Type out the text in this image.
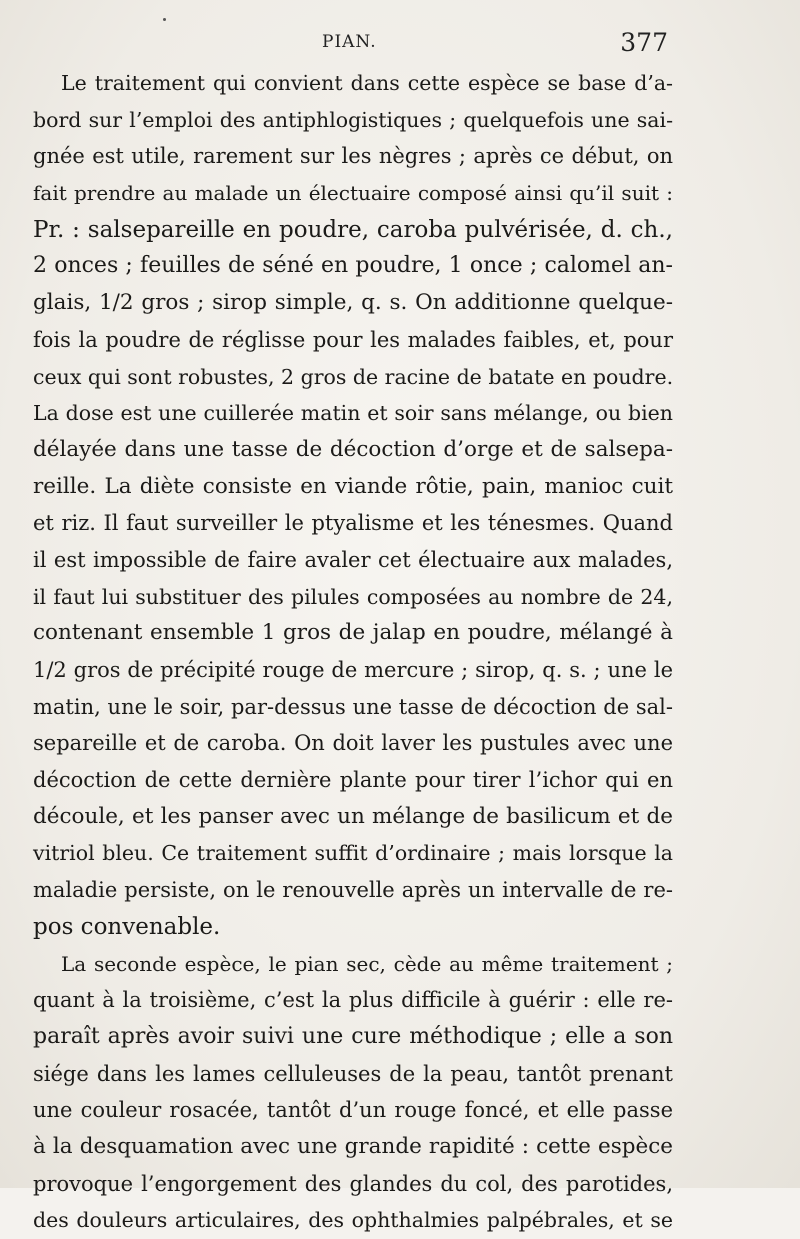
PIAN.	377
Le traitement qui convient dans cette espèce se base d’a-
bord sur l’emploi des antiphlogistiques ; quelquefois une sai-
gnée est utile, rarement sur les nègres ; après ce début, on
fait prendre au malade un électuaire composé ainsi qu’il suit :
Pr. : salsepareille en poudre, caroba pulvérisée, d. ch.,
2 onces ; feuilles de séné en poudre, 1 once ; calomel an-
glais, 1/2 gros ; sirop simple, q. s. On additionne quelque-
fois la poudre de réglisse pour les malades faibles, et, pour
ceux qui sont robustes, 2 gros de racine de batate en poudre.
La dose est une cuillerée matin et soir sans mélange, ou bien
délayée dans une tasse de décoction d’orge et de salsepa-
reille. La diète consiste en viande rôtie, pain, manioc cuit
et riz. Il faut surveiller le ptyalisme et les ténesmes. Quand
il est impossible de faire avaler cet électuaire aux malades,
il faut lui substituer des pilules composées au nombre de 24,
contenant ensemble 1 gros de jalap en poudre, mélangé à
1/2 gros de précipité rouge de mercure ; sirop, q. s. ; une le
matin, une le soir, par-dessus une tasse de décoction de sal-
separeille et de caroba. On doit laver les pustules avec une
décoction de cette dernière plante pour tirer l’ichor qui en
découle, et les panser avec un mélange de basilicum et de
vitriol bleu. Ce traitement suffit d’ordinaire ; mais lorsque la
maladie persiste, on le renouvelle après un intervalle de re-
pos convenable.
La seconde espèce, le pian sec, cède au même traitement ;
quant à la troisième, c’est la plus difficile à guérir : elle re-
paraît après avoir suivi une cure méthodique ; elle a son
siége dans les lames celluleuses de la peau, tantôt prenant
une couleur rosacée, tantôt d’un rouge foncé, et elle passe
à la desquamation avec une grande rapidité : cette espèce
provoque l’engorgement des glandes du col, des parotides,
des douleurs articulaires, des ophthalmies palpébrales, et se
